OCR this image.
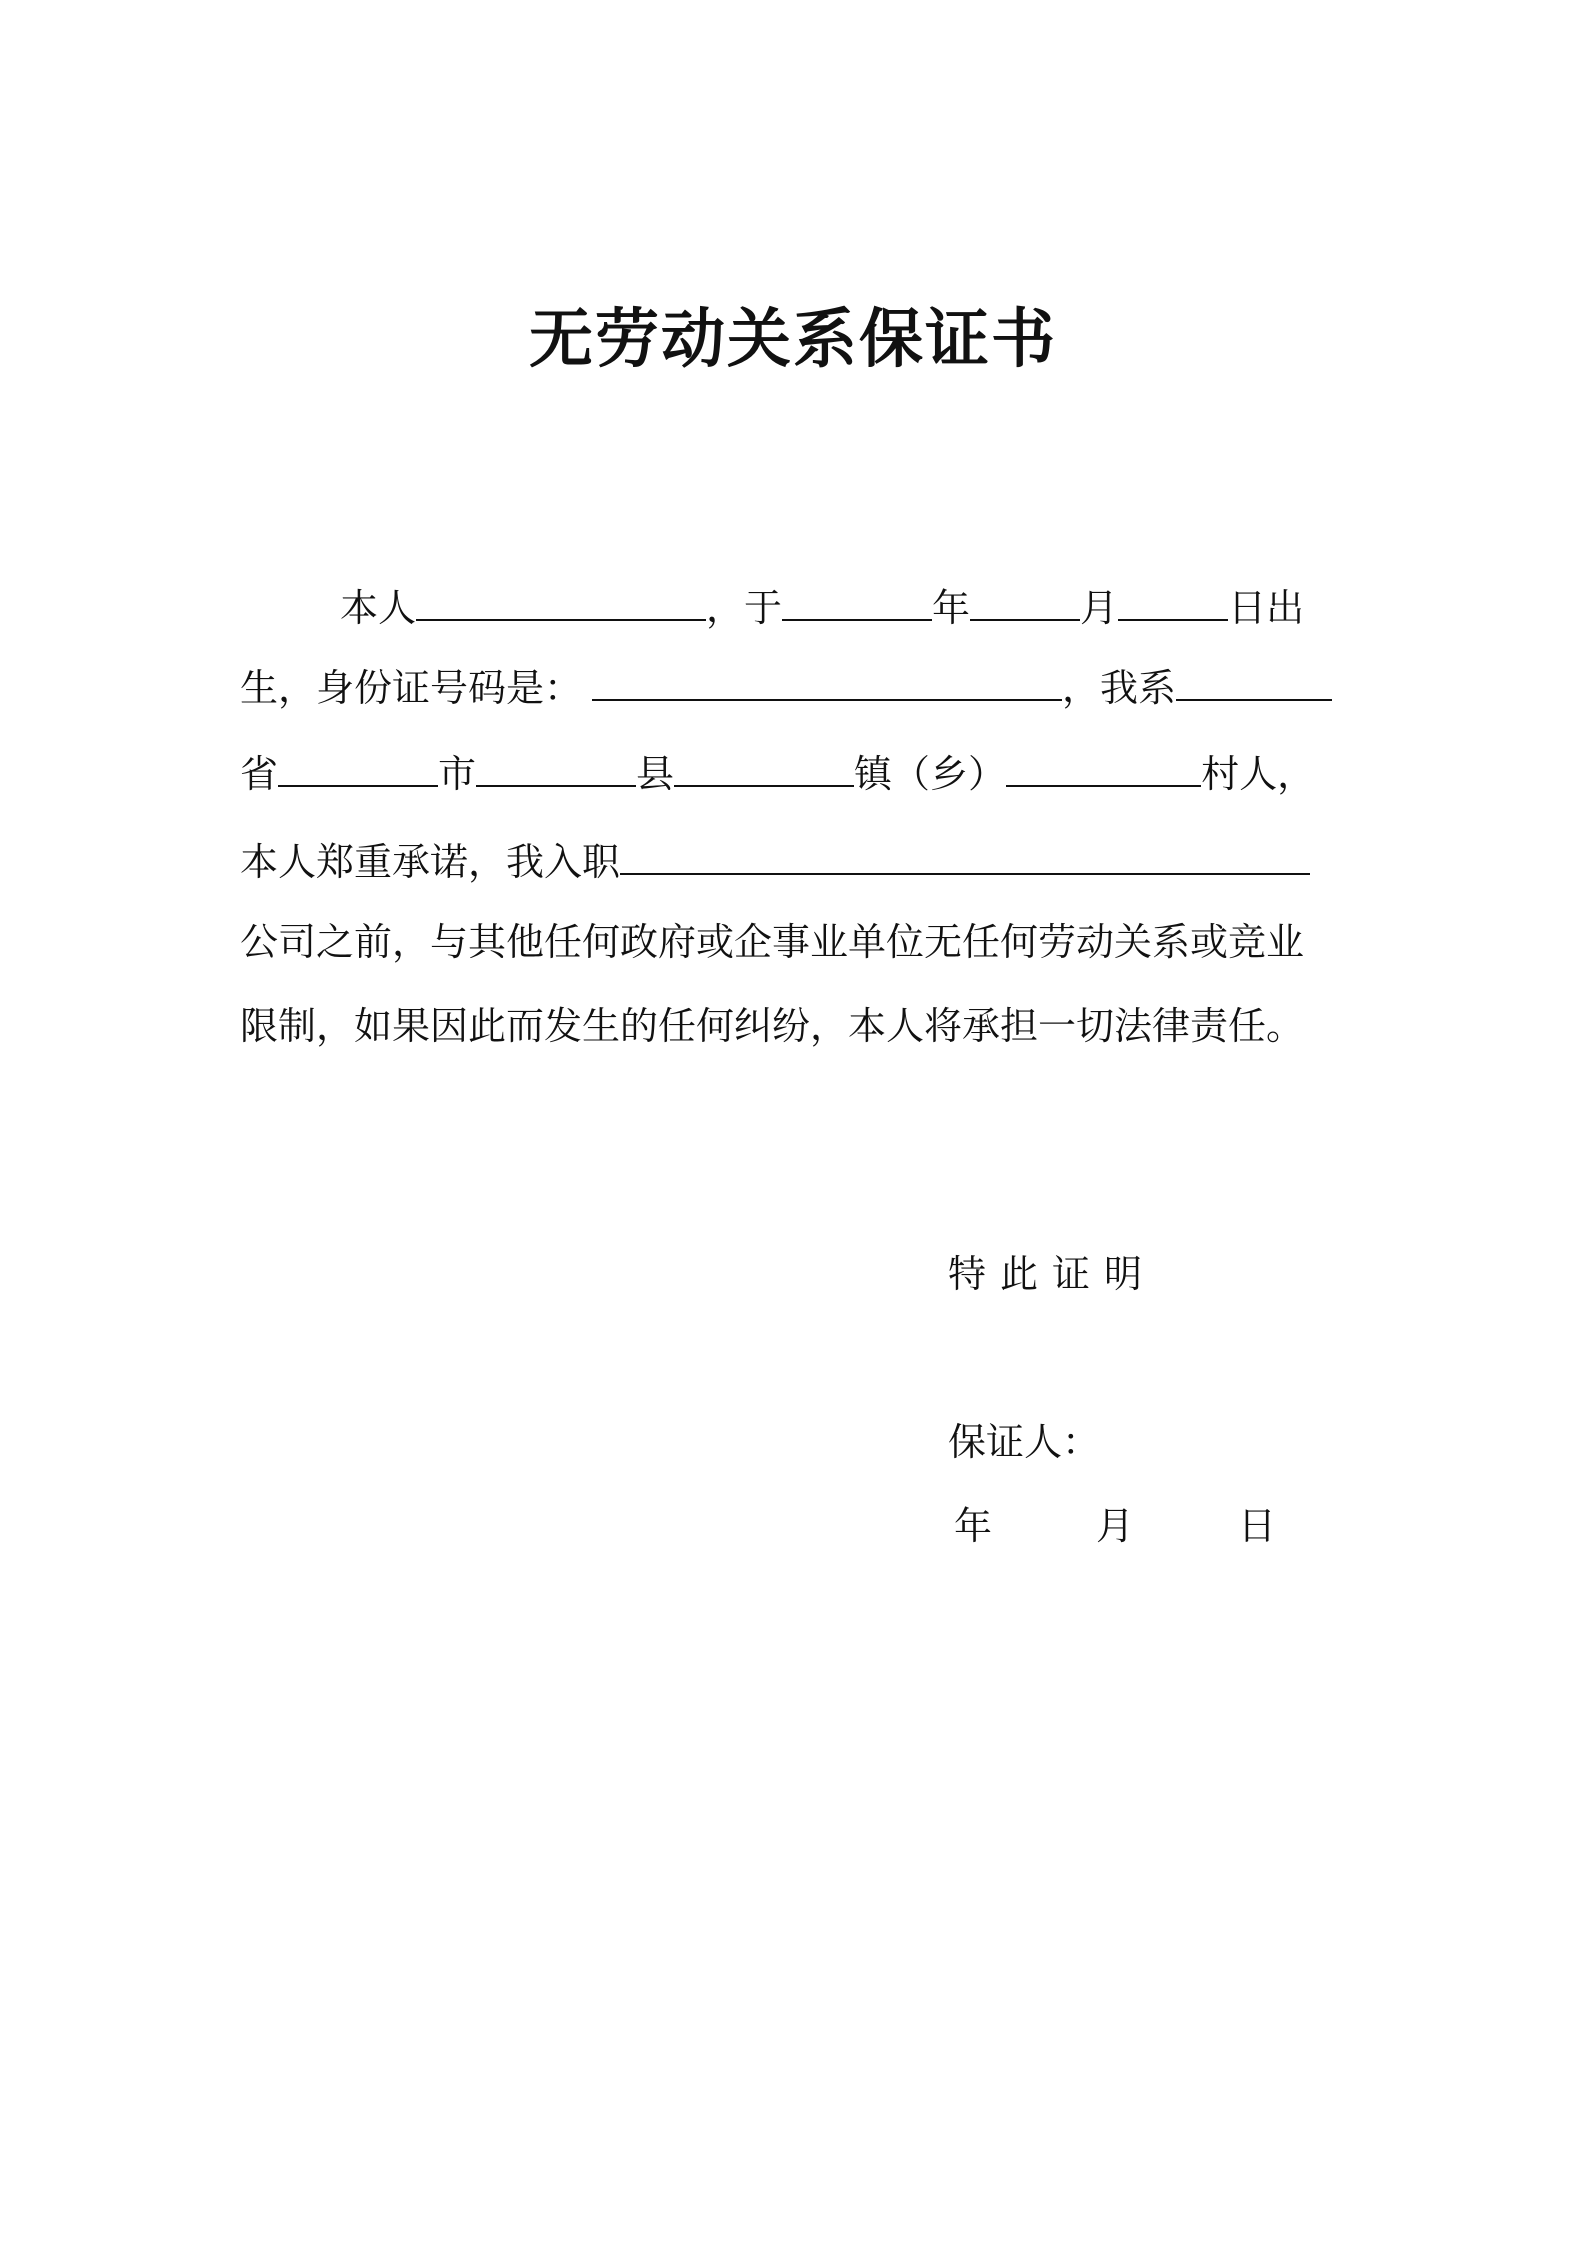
无劳动关系保证书
本人	，于	年	月	日出
生，身份证号码是：	，我系
省	市	县	镇（乡）	村人，
本人郑重承诺，我入职
公司之前，与其他任何政府或企事业单位无任何劳动关系或竞业
限制，如果因此而发生的任何纠纷，本人将承担一切法律责任。
特此证明
保证人：
年	月	日
